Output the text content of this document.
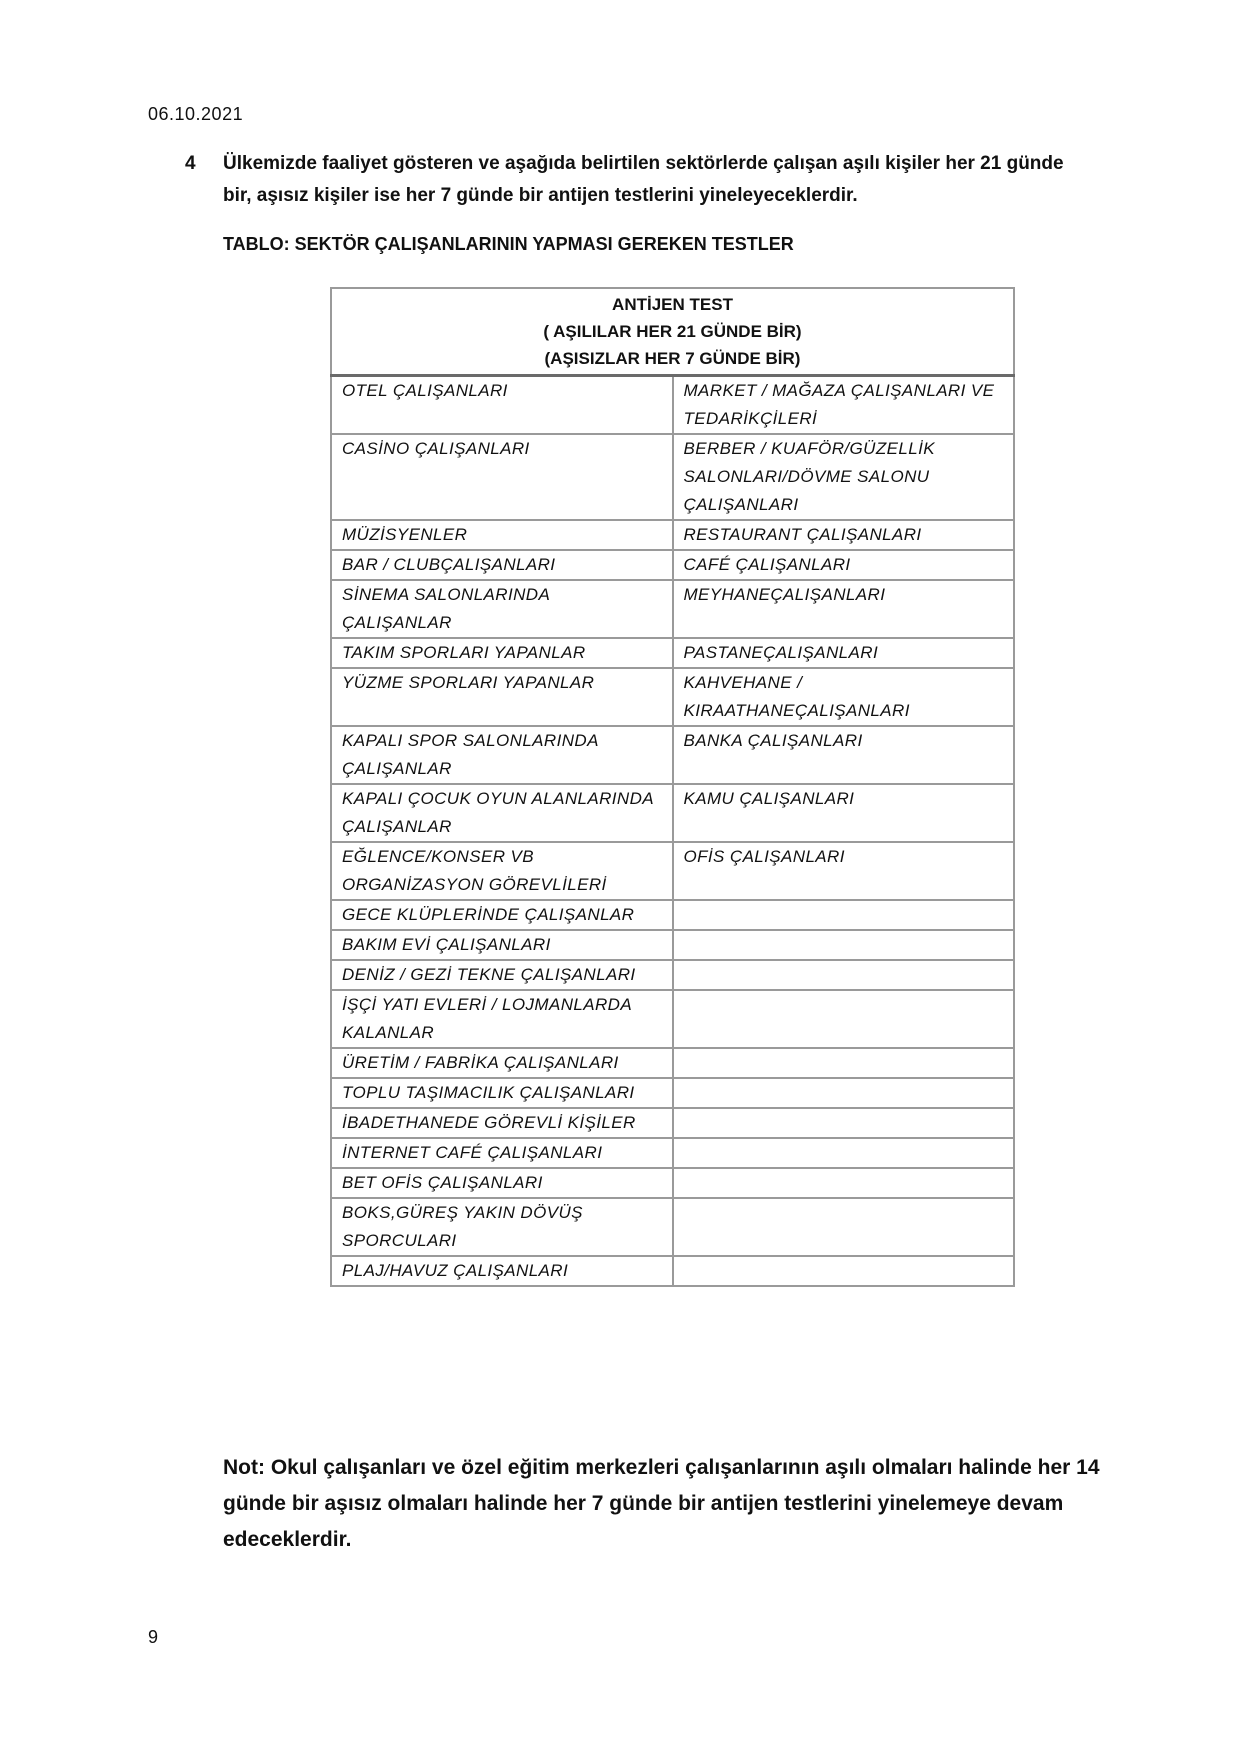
06.10.2021
4 Ülkemizde faaliyet gösteren ve aşağıda belirtilen sektörlerde çalışan aşılı kişiler her 21 günde bir, aşısız kişiler ise her 7 günde bir antijen testlerini yineleyeceklerdir.
TABLO: SEKTÖR ÇALIŞANLARININ YAPMASI GEREKEN TESTLER
ANTİJEN TEST
( AŞILILAR HER 21 GÜNDE BİR)
(AŞISIZLAR HER 7 GÜNDE BİR)	

OTEL ÇALIŞANLARI	MARKET / MAĞAZA ÇALIŞANLARI VE TEDARİKÇİLERİ
CASİNO ÇALIŞANLARI	BERBER / KUAFÖR/GÜZELLİK SALONLARI/DÖVME SALONU ÇALIŞANLARI
MÜZİSYENLER	RESTAURANT ÇALIŞANLARI
BAR / CLUBÇALIŞANLARI	CAFÉ ÇALIŞANLARI
SİNEMA SALONLARINDA ÇALIŞANLAR	MEYHANEÇALIŞANLARI
TAKIM SPORLARI YAPANLAR	PASTANEÇALIŞANLARI
YÜZME SPORLARI YAPANLAR	KAHVEHANE / KIRAATHANEÇALIŞANLARI
KAPALI SPOR SALONLARINDA ÇALIŞANLAR	BANKA ÇALIŞANLARI
KAPALI ÇOCUK OYUN ALANLARINDA ÇALIŞANLAR	KAMU ÇALIŞANLARI
EĞLENCE/KONSER VB ORGANİZASYON GÖREVLİLERİ	OFİS ÇALIŞANLARI
GECE KLÜPLERİNDE ÇALIŞANLAR	
BAKIM EVİ ÇALIŞANLARI	
DENİZ / GEZİ TEKNE ÇALIŞANLARI	
İŞÇİ YATI EVLERİ / LOJMANLARDA KALANLAR	
ÜRETİM / FABRİKA ÇALIŞANLARI	
TOPLU TAŞIMACILIK ÇALIŞANLARI	
İBADETHANEDE GÖREVLİ KİŞİLER	
İNTERNET CAFÉ ÇALIŞANLARI	
BET OFİS ÇALIŞANLARI	
BOKS,GÜREŞ YAKIN DÖVÜŞ SPORCULARI	
PLAJ/HAVUZ ÇALIŞANLARI	
Not: Okul çalışanları ve özel eğitim merkezleri çalışanlarının aşılı olmaları halinde her 14 günde bir aşısız olmaları halinde her 7 günde bir antijen testlerini yinelemeye devam edeceklerdir.
9
